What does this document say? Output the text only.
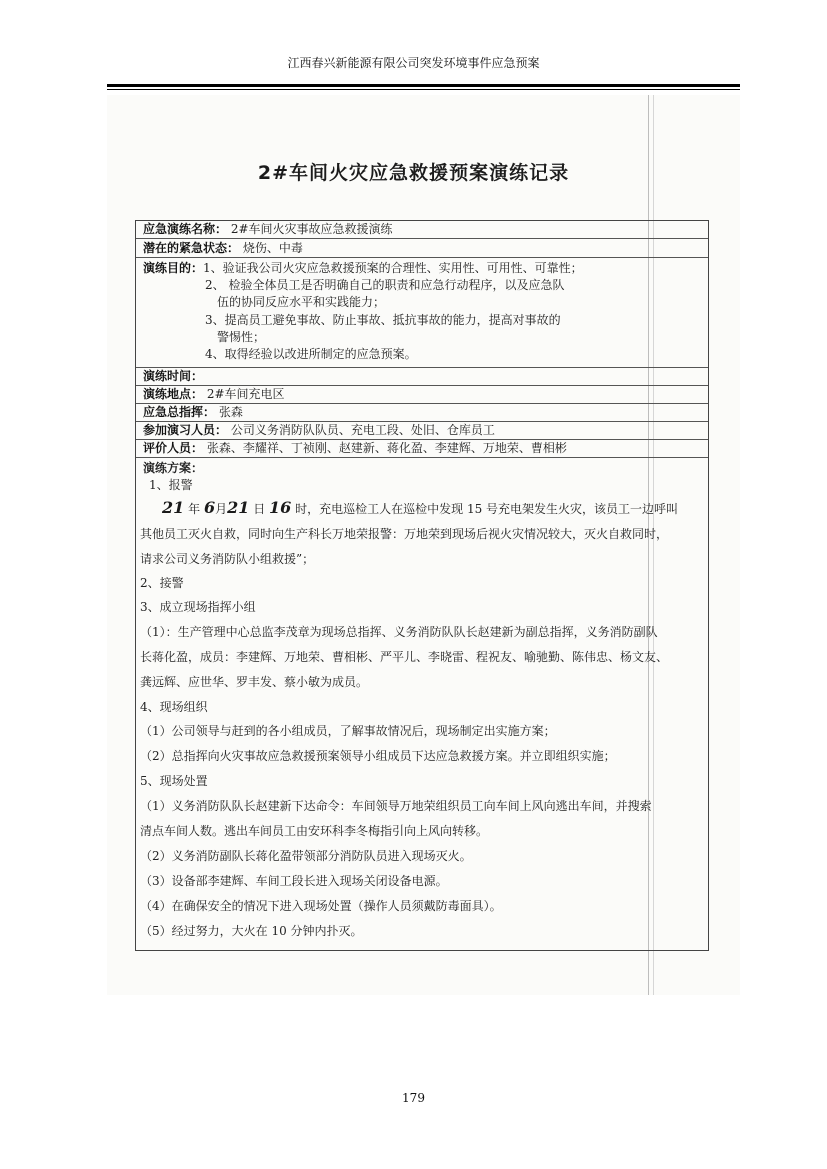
江西春兴新能源有限公司突发环境事件应急预案
2#车间火灾应急救援预案演练记录
应急演练名称： 2#车间火灾事故应急救援演练
潜在的紧急状态： 烧伤、中毒
演练目的：1、验证我公司火灾应急救援预案的合理性、实用性、可用性、可靠性；
2、 检验全体员工是否明确自己的职责和应急行动程序，以及应急队
伍的协同反应水平和实践能力；
3、提高员工避免事故、防止事故、抵抗事故的能力，提高对事故的
警惕性；
4、取得经验以改进所制定的应急预案。
演练时间：
演练地点： 2#车间充电区
应急总指挥： 张森
参加演习人员： 公司义务消防队队员、充电工段、处旧、仓库员工
评价人员： 张森、李耀祥、丁祯刚、赵建新、蒋化盈、李建辉、万地荣、曹相彬
演练方案：
1、报警
21 年 6月21 日 16 时，充电巡检工人在巡检中发现 15 号充电架发生火灾，该员工一边呼叫
其他员工灭火自救，同时向生产科长万地荣报警：万地荣到现场后视火灾情况较大，灭火自救同时，
请求公司义务消防队小组救援”；
2、接警
3、成立现场指挥小组
（1）：生产管理中心总监李茂章为现场总指挥、义务消防队队长赵建新为副总指挥，义务消防副队
长蒋化盈，成员：李建辉、万地荣、曹相彬、严平儿、李晓雷、程祝友、喻驰勤、陈伟忠、杨文友、
龚远辉、应世华、罗丰发、蔡小敏为成员。
4、现场组织
（1）公司领导与赶到的各小组成员，了解事故情况后，现场制定出实施方案；
（2）总指挥向火灾事故应急救援预案领导小组成员下达应急救援方案。并立即组织实施；
5、现场处置
（1）义务消防队队长赵建新下达命令：车间领导万地荣组织员工向车间上风向逃出车间，并搜索
清点车间人数。逃出车间员工由安环科李冬梅指引向上风向转移。
（2）义务消防副队长蒋化盈带领部分消防队员进入现场灭火。
（3）设备部李建辉、车间工段长进入现场关闭设备电源。
（4）在确保安全的情况下进入现场处置（操作人员须戴防毒面具）。
（5）经过努力，大火在 10 分钟内扑灭。
179
